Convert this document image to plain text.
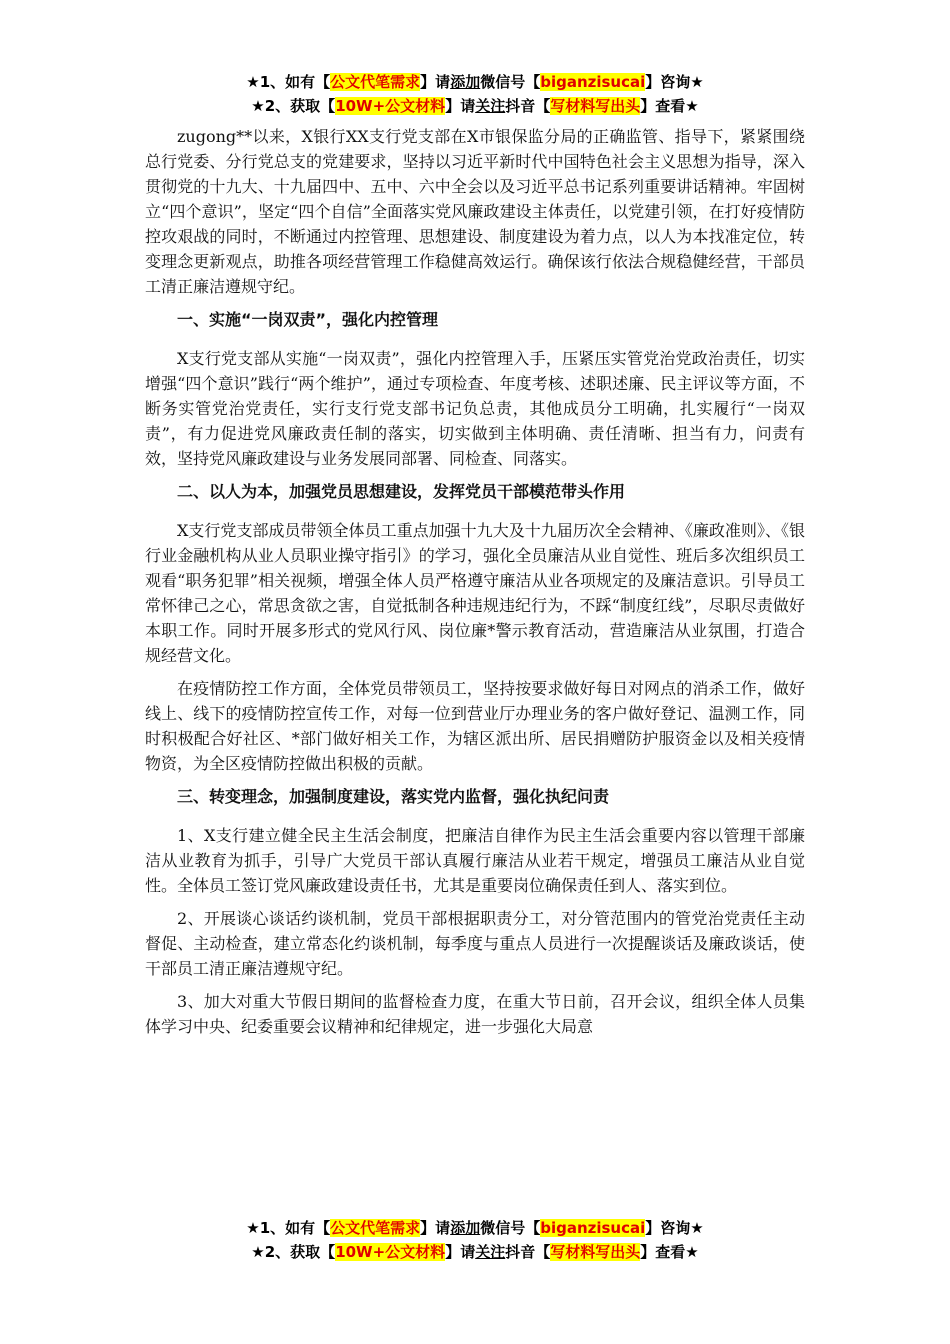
★1、如有【公文代笔需求】请添加微信号【biganzisucai】咨询★
★2、获取【10W+公文材料】请关注抖音【写材料写出头】查看★

zugong**以来，X银行XX支行党支部在X市银保监分局的正确监管、指导下，紧紧围绕总行党委、分行党总支的党建要求，坚持以习近平新时代中国特色社会主义思想为指导，深入贯彻党的十九大、十九届四中、五中、六中全会以及习近平总书记系列重要讲话精神。牢固树立“四个意识”，坚定“四个自信”全面落实党风廉政建设主体责任，以党建引领，在打好疫情防控攻艰战的同时，不断通过内控管理、思想建设、制度建设为着力点，以人为本找准定位，转变理念更新观点，助推各项经营管理工作稳健高效运行。确保该行依法合规稳健经营，干部员工清正廉洁遵规守纪。

一、实施“一岗双责”，强化内控管理

X支行党支部从实施“一岗双责”，强化内控管理入手，压紧压实管党治党政治责任，切实增强“四个意识”践行“两个维护”，通过专项检查、年度考核、述职述廉、民主评议等方面，不断务实管党治党责任，实行支行党支部书记负总责，其他成员分工明确，扎实履行“一岗双责”，有力促进党风廉政责任制的落实，切实做到主体明确、责任清晰、担当有力，问责有效，坚持党风廉政建设与业务发展同部署、同检查、同落实。

二、以人为本，加强党员思想建设，发挥党员干部模范带头作用

X支行党支部成员带领全体员工重点加强十九大及十九届历次全会精神、《廉政准则》、《银行业金融机构从业人员职业操守指引》的学习，强化全员廉洁从业自觉性、班后多次组织员工观看“职务犯罪”相关视频，增强全体人员严格遵守廉洁从业各项规定的及廉洁意识。引导员工常怀律己之心，常思贪欲之害，自觉抵制各种违规违纪行为，不踩“制度红线”，尽职尽责做好本职工作。同时开展多形式的党风行风、岗位廉*警示教育活动，营造廉洁从业氛围，打造合规经营文化。

在疫情防控工作方面，全体党员带领员工，坚持按要求做好每日对网点的消杀工作，做好线上、线下的疫情防控宣传工作，对每一位到营业厅办理业务的客户做好登记、温测工作，同时积极配合好社区、*部门做好相关工作，为辖区派出所、居民捐赠防护服资金以及相关疫情物资，为全区疫情防控做出积极的贡献。

三、转变理念，加强制度建设，落实党内监督，强化执纪问责

1、X支行建立健全民主生活会制度，把廉洁自律作为民主生活会重要内容以管理干部廉洁从业教育为抓手，引导广大党员干部认真履行廉洁从业若干规定，增强员工廉洁从业自觉性。全体员工签订党风廉政建设责任书，尤其是重要岗位确保责任到人、落实到位。

2、开展谈心谈话约谈机制，党员干部根据职责分工，对分管范围内的管党治党责任主动督促、主动检查，建立常态化约谈机制，每季度与重点人员进行一次提醒谈话及廉政谈话，使干部员工清正廉洁遵规守纪。

3、加大对重大节假日期间的监督检查力度，在重大节日前，召开会议，组织全体人员集体学习中央、纪委重要会议精神和纪律规定，进一步强化大局意

★1、如有【公文代笔需求】请添加微信号【biganzisucai】咨询★
★2、获取【10W+公文材料】请关注抖音【写材料写出头】查看★
